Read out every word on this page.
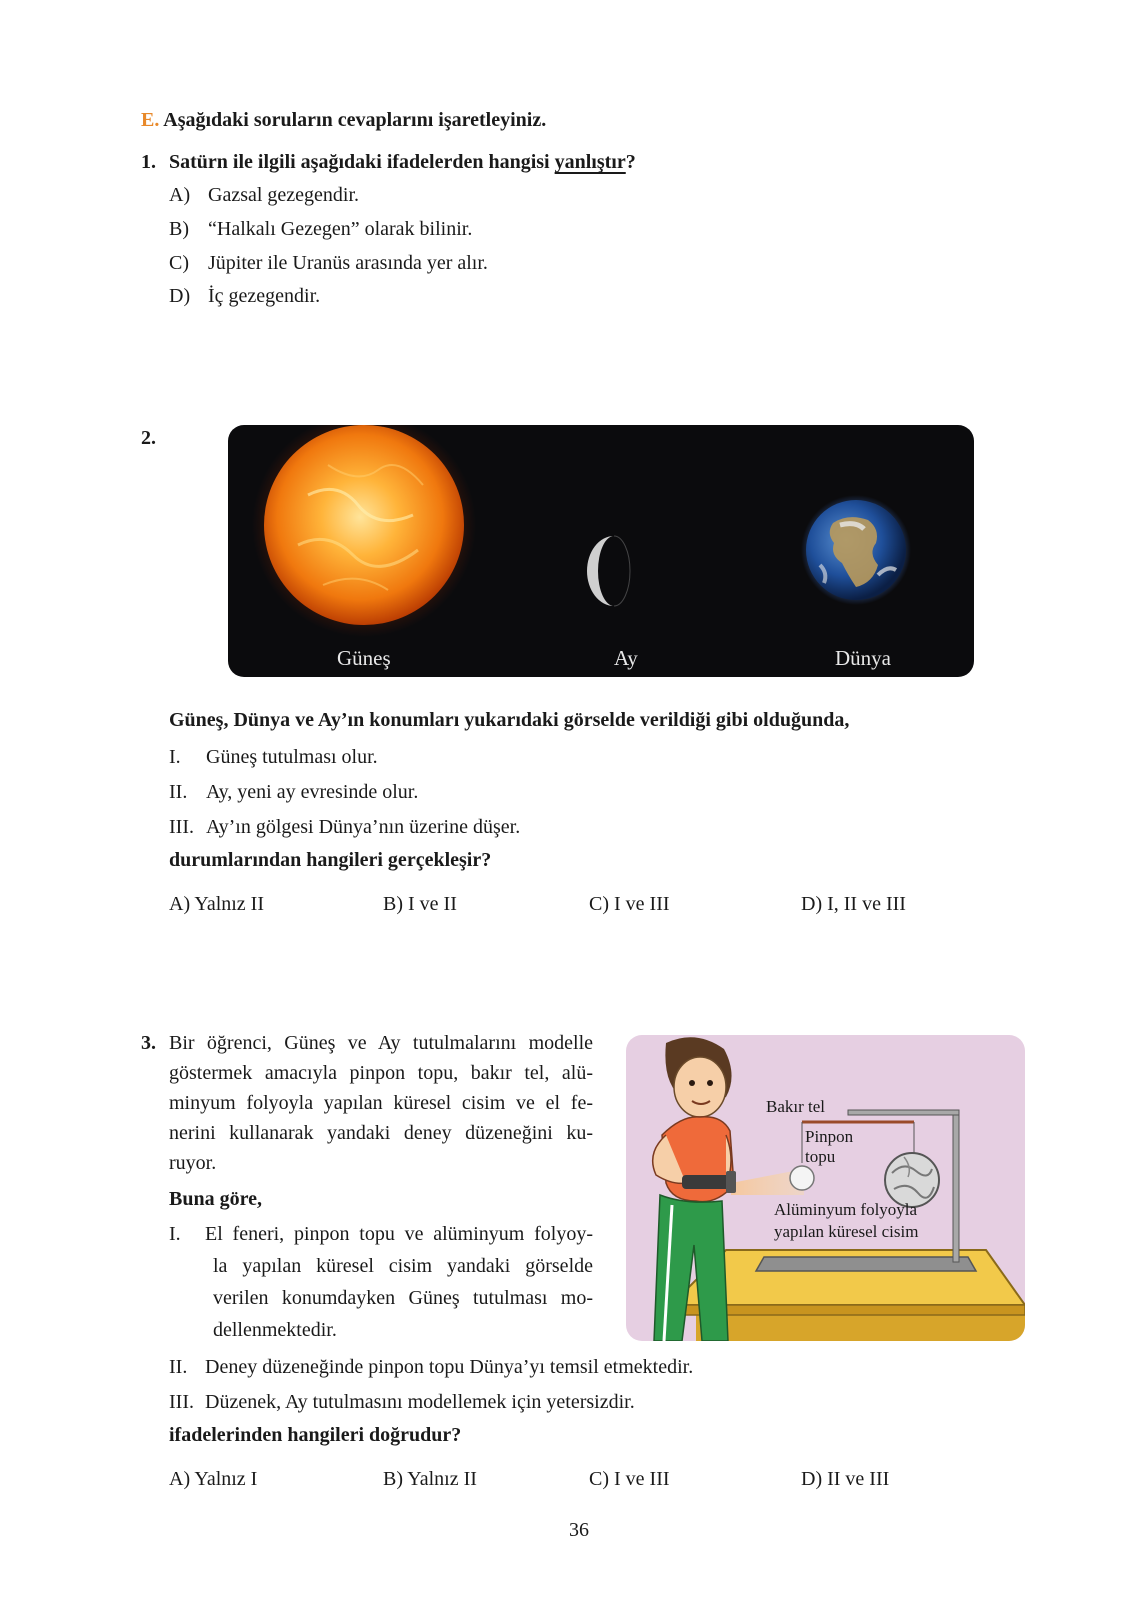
E. Aşağıdaki soruların cevaplarını işaretleyiniz.
1. Satürn ile ilgili aşağıdaki ifadelerden hangisi yanlıştır?
A) Gazsal gezegendir.
B) “Halkalı Gezegen” olarak bilinir.
C) Jüpiter ile Uranüs arasında yer alır.
D) İç gezegendir.
2.
Güneş	Ay	Dünya
Güneş, Dünya ve Ay’ın konumları yukarıdaki görselde verildiği gibi olduğunda,
I. Güneş tutulması olur.
II. Ay, yeni ay evresinde olur.
III. Ay’ın gölgesi Dünya’nın üzerine düşer.
durumlarından hangileri gerçekleşir?
A) Yalnız II	B) I ve II	C) I ve III	D) I, II ve III
3. Bir öğrenci, Güneş ve Ay tutulmalarını modelle
göstermek amacıyla pinpon topu, bakır tel, alü-
minyum folyoyla yapılan küresel cisim ve el fe-
nerini kullanarak yandaki deney düzeneğini ku-
ruyor.
Buna göre,
I. El feneri, pinpon topu ve alüminyum folyoy-
la yapılan küresel cisim yandaki görselde
verilen konumdayken Güneş tutulması mo-
dellenmektedir.
II. Deney düzeneğinde pinpon topu Dünya’yı temsil etmektedir.
III. Düzenek, Ay tutulmasını modellemek için yetersizdir.
ifadelerinden hangileri doğrudur?
Bakır tel
Pinpon
topu
Alüminyum folyoyla
yapılan küresel cisim
A) Yalnız I	B) Yalnız II	C) I ve III	D) II ve III
36
